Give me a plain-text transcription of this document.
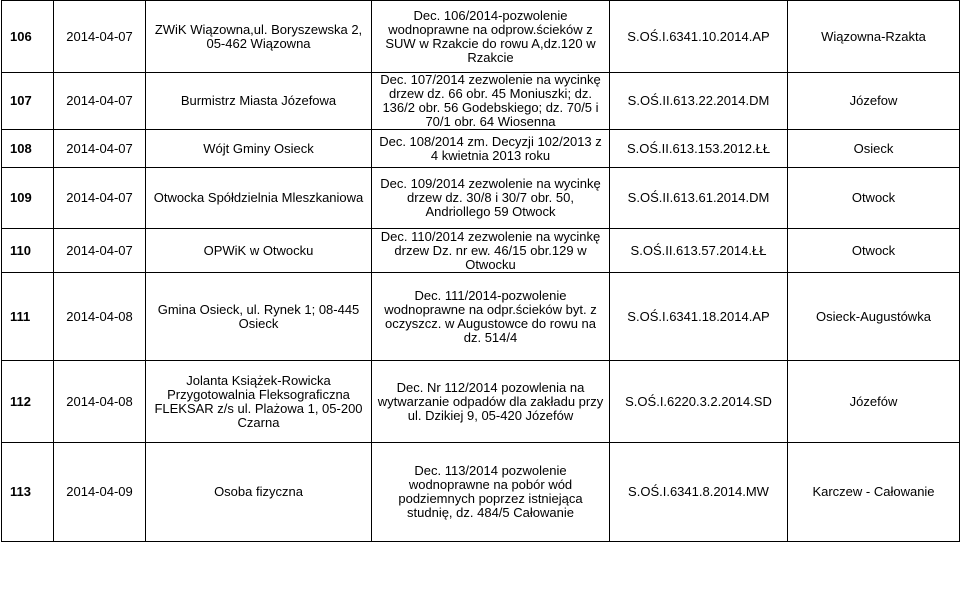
106	2014-04-07	ZWiK Wiązowna,ul. Boryszewska 2, 05-462 Wiązowna	Dec. 106/2014-pozwolenie wodnoprawne na odprow.ścieków z SUW w Rzakcie do rowu A,dz.120 w Rzakcie	S.OŚ.I.6341.10.2014.AP	Wiązowna-Rzakta
107	2014-04-07	Burmistrz Miasta Józefowa	Dec. 107/2014 zezwolenie na wycinkę drzew dz. 66 obr. 45 Moniuszki; dz. 136/2 obr. 56 Godebskiego; dz. 70/5 i 70/1 obr. 64 Wiosenna	S.OŚ.II.613.22.2014.DM	Józefow
108	2014-04-07	Wójt Gminy Osieck	Dec. 108/2014 zm. Decyzji 102/2013 z 4 kwietnia 2013 roku	S.OŚ.II.613.153.2012.ŁŁ	Osieck
109	2014-04-07	Otwocka Spółdzielnia Mleszkaniowa	Dec. 109/2014 zezwolenie na wycinkę drzew dz. 30/8 i 30/7 obr. 50, Andriollego 59 Otwock	S.OŚ.II.613.61.2014.DM	Otwock
110	2014-04-07	OPWiK w Otwocku	Dec. 110/2014 zezwolenie na wycinkę drzew Dz. nr ew. 46/15 obr.129 w Otwocku	S.OŚ.II.613.57.2014.ŁŁ	Otwock
111	2014-04-08	Gmina Osieck, ul. Rynek 1; 08-445 Osieck	Dec. 111/2014-pozwolenie wodnoprawne na odpr.ścieków byt. z oczyszcz. w Augustowce do rowu na dz. 514/4	S.OŚ.I.6341.18.2014.AP	Osieck-Augustówka
112	2014-04-08	Jolanta Książek-Rowicka Przygotowalnia Fleksograficzna FLEKSAR z/s ul. Plażowa 1, 05-200 Czarna	Dec. Nr 112/2014 pozowlenia na wytwarzanie odpadów dla zakładu przy ul. Dzikiej 9, 05-420 Józefów	S.OŚ.I.6220.3.2.2014.SD	Józefów
113	2014-04-09	Osoba fizyczna	Dec. 113/2014 pozwolenie wodnoprawne na pobór wód podziemnych poprzez istniejąca studnię, dz. 484/5 Całowanie	S.OŚ.I.6341.8.2014.MW	Karczew - Całowanie
